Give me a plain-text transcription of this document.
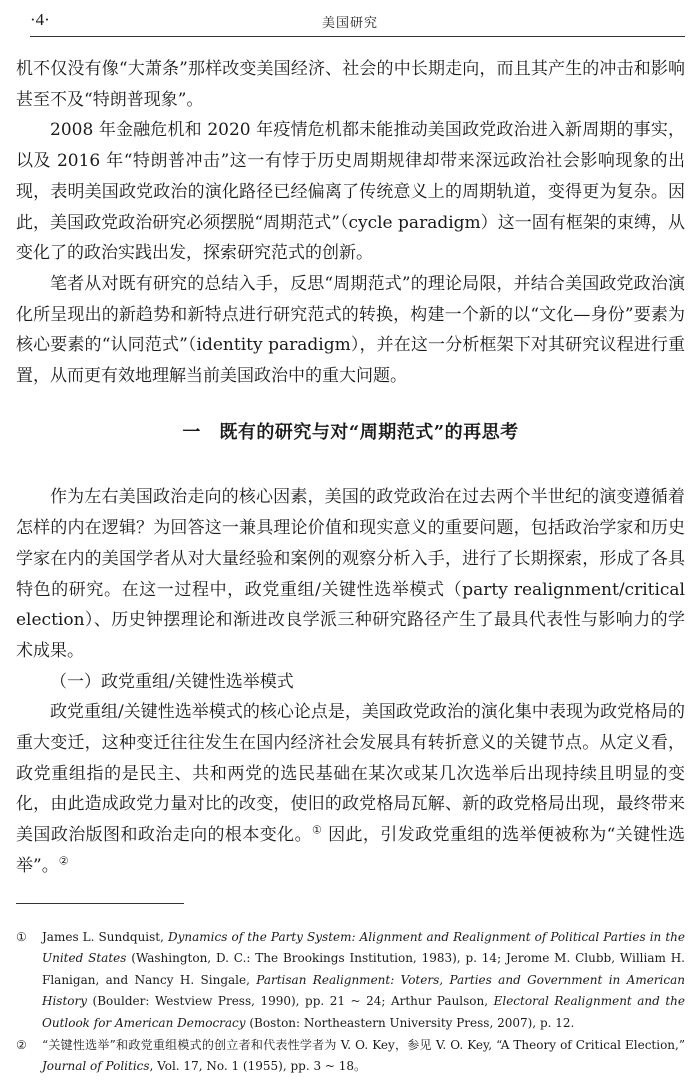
·4·	美国研究

机不仅没有像“大萧条”那样改变美国经济、社会的中长期走向，而且其产生的冲击和影响甚至不及“特朗普现象”。

2008 年金融危机和 2020 年疫情危机都未能推动美国政党政治进入新周期的事实，以及 2016 年“特朗普冲击”这一有悖于历史周期规律却带来深远政治社会影响现象的出现，表明美国政党政治的演化路径已经偏离了传统意义上的周期轨道，变得更为复杂。因此，美国政党政治研究必须摆脱“周期范式”（cycle paradigm）这一固有框架的束缚，从变化了的政治实践出发，探索研究范式的创新。

笔者从对既有研究的总结入手，反思“周期范式”的理论局限，并结合美国政党政治演化所呈现出的新趋势和新特点进行研究范式的转换，构建一个新的以“文化—身份”要素为核心要素的“认同范式”（identity paradigm），并在这一分析框架下对其研究议程进行重置，从而更有效地理解当前美国政治中的重大问题。

一　既有的研究与对“周期范式”的再思考

作为左右美国政治走向的核心因素，美国的政党政治在过去两个半世纪的演变遵循着怎样的内在逻辑？为回答这一兼具理论价值和现实意义的重要问题，包括政治学家和历史学家在内的美国学者从对大量经验和案例的观察分析入手，进行了长期探索，形成了各具特色的研究。在这一过程中，政党重组/关键性选举模式（party realignment/critical election）、历史钟摆理论和渐进改良学派三种研究路径产生了最具代表性与影响力的学术成果。

（一）政党重组/关键性选举模式

政党重组/关键性选举模式的核心论点是，美国政党政治的演化集中表现为政党格局的重大变迁，这种变迁往往发生在国内经济社会发展具有转折意义的关键节点。从定义看，政党重组指的是民主、共和两党的选民基础在某次或某几次选举后出现持续且明显的变化，由此造成政党力量对比的改变，使旧的政党格局瓦解、新的政党格局出现，最终带来美国政治版图和政治走向的根本变化。① 因此，引发政党重组的选举便被称为“关键性选举”。②

①	James L. Sundquist, Dynamics of the Party System: Alignment and Realignment of Political Parties in the United States (Washington, D. C.: The Brookings Institution, 1983), p. 14; Jerome M. Clubb, William H. Flanigan, and Nancy H. Singale, Partisan Realignment: Voters, Parties and Government in American History (Boulder: Westview Press, 1990), pp. 21 ~ 24; Arthur Paulson, Electoral Realignment and the Outlook for American Democracy (Boston: Northeastern University Press, 2007), p. 12.
②	“关键性选举”和政党重组模式的创立者和代表性学者为 V. O. Key，参见 V. O. Key, “A Theory of Critical Election,” Journal of Politics, Vol. 17, No. 1 (1955), pp. 3 ~ 18。
